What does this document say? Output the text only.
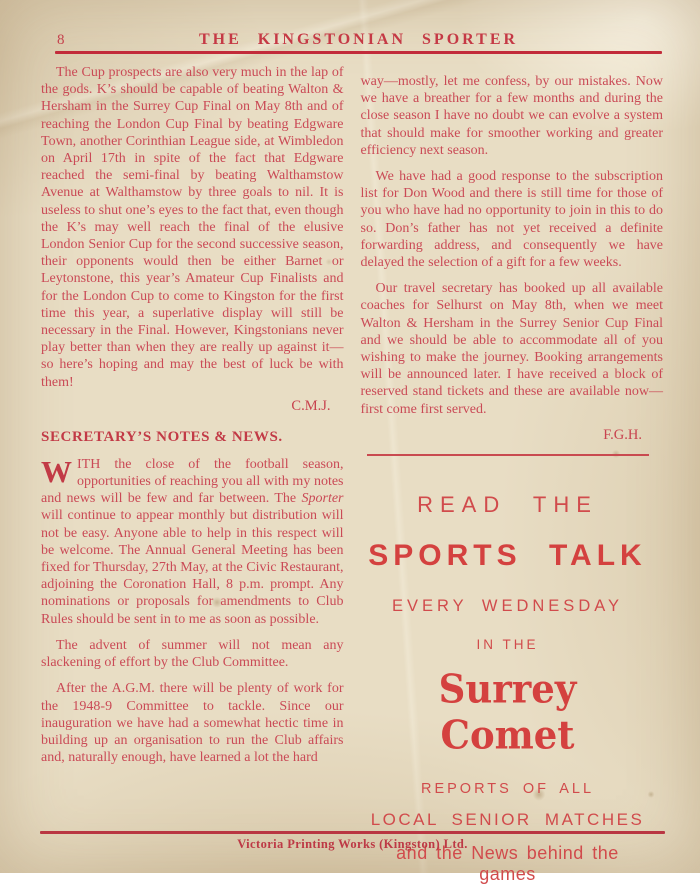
8	THE KINGSTONIAN SPORTER

The Cup prospects are also very much in the lap of the gods. K’s should be capable of beating Walton & Hersham in the Surrey Cup Final on May 8th and of reaching the London Cup Final by beating Edgware Town, another Corinthian League side, at Wimbledon on April 17th in spite of the fact that Edgware reached the semi-final by beating Walthamstow Avenue at Walthamstow by three goals to nil. It is useless to shut one’s eyes to the fact that, even though the K’s may well reach the final of the elusive London Senior Cup for the second successive season, their opponents would then be either Barnet or Leytonstone, this year’s Amateur Cup Finalists and for the London Cup to come to Kingston for the first time this year, a superlative display will still be necessary in the Final. However, Kingstonians never play better than when they are really up against it—so here’s hoping and may the best of luck be with them!

C.M.J.
SECRETARY’S NOTES & NEWS.

WITH the close of the football season, opportunities of reaching you all with my notes and news will be few and far between. The Sporter will continue to appear monthly but distribution will not be easy. Anyone able to help in this respect will be welcome. The Annual General Meeting has been fixed for Thursday, 27th May, at the Civic Restaurant, adjoining the Coronation Hall, 8 p.m. prompt. Any nominations or proposals for amendments to Club Rules should be sent in to me as soon as possible.

The advent of summer will not mean any slackening of effort by the Club Committee.

After the A.G.M. there will be plenty of work for the 1948-9 Committee to tackle. Since our inauguration we have had a somewhat hectic time in building up an organisation to run the Club affairs and, naturally enough, have learned a lot the hard

way—mostly, let me confess, by our mistakes. Now we have a breather for a few months and during the close season I have no doubt we can evolve a system that should make for smoother working and greater efficiency next season.

We have had a good response to the subscription list for Don Wood and there is still time for those of you who have had no opportunity to join in this to do so. Don’s father has not yet received a definite forwarding address, and consequently we have delayed the selection of a gift for a few weeks.

Our travel secretary has booked up all available coaches for Selhurst on May 8th, when we meet Walton & Hersham in the Surrey Senior Cup Final and we should be able to accommodate all of you wishing to make the journey. Booking arrangements will be announced later. I have received a block of reserved stand tickets and these are available now—first come first served.

F.G.H.
READ THE
SPORTS TALK
EVERY WEDNESDAY
IN THE
Surrey Comet
REPORTS OF ALL
LOCAL SENIOR MATCHES
and the News behind the games
Victoria Printing Works (Kingston) Ltd.
